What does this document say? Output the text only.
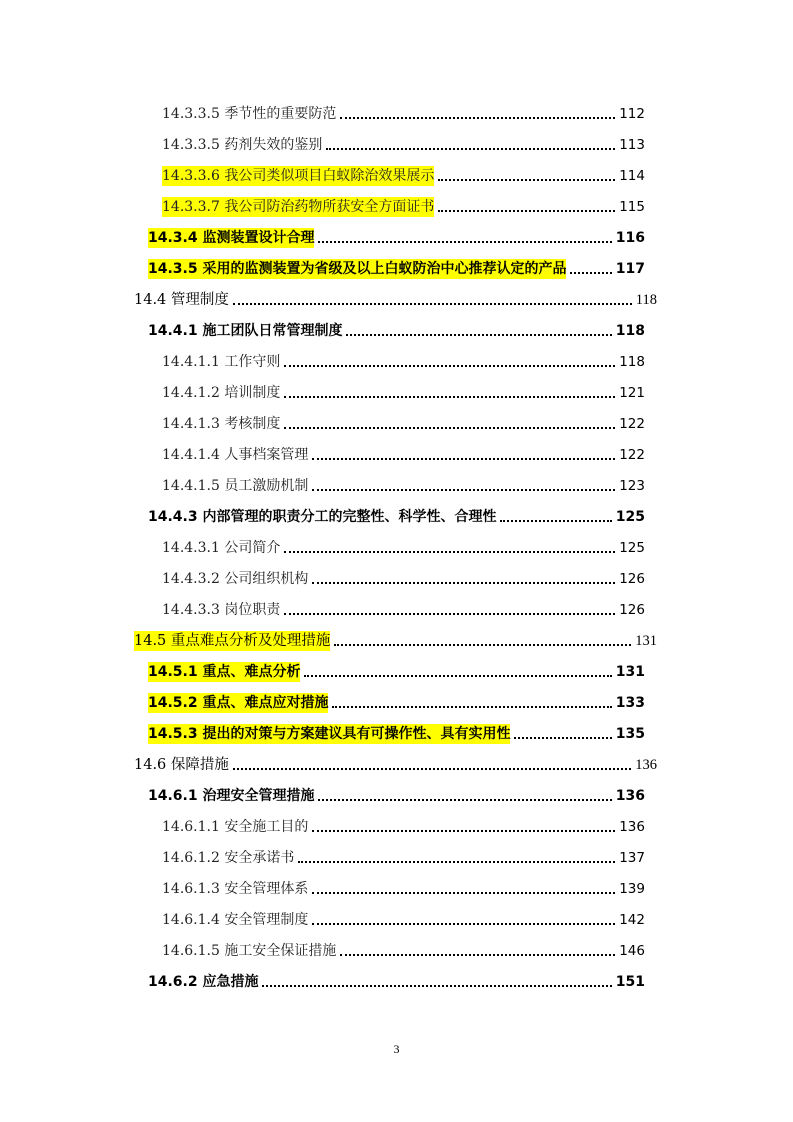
14.3.3.5 季节性的重要防范	112
14.3.3.5 药剂失效的鉴别	113
14.3.3.6 我公司类似项目白蚁除治效果展示	114
14.3.3.7 我公司防治药物所获安全方面证书	115
14.3.4 监测装置设计合理	116
14.3.5 采用的监测装置为省级及以上白蚁防治中心推荐认定的产品	117
14.4 管理制度	118
14.4.1 施工团队日常管理制度	118
14.4.1.1 工作守则	118
14.4.1.2 培训制度	121
14.4.1.3 考核制度	122
14.4.1.4 人事档案管理	122
14.4.1.5 员工激励机制	123
14.4.3 内部管理的职责分工的完整性、科学性、合理性	125
14.4.3.1 公司简介	125
14.4.3.2 公司组织机构	126
14.4.3.3 岗位职责	126
14.5 重点难点分析及处理措施	131
14.5.1 重点、难点分析	131
14.5.2 重点、难点应对措施	133
14.5.3 提出的对策与方案建议具有可操作性、具有实用性	135
14.6 保障措施	136
14.6.1 治理安全管理措施	136
14.6.1.1 安全施工目的	136
14.6.1.2 安全承诺书	137
14.6.1.3 安全管理体系	139
14.6.1.4 安全管理制度	142
14.6.1.5 施工安全保证措施	146
14.6.2 应急措施	151
3
